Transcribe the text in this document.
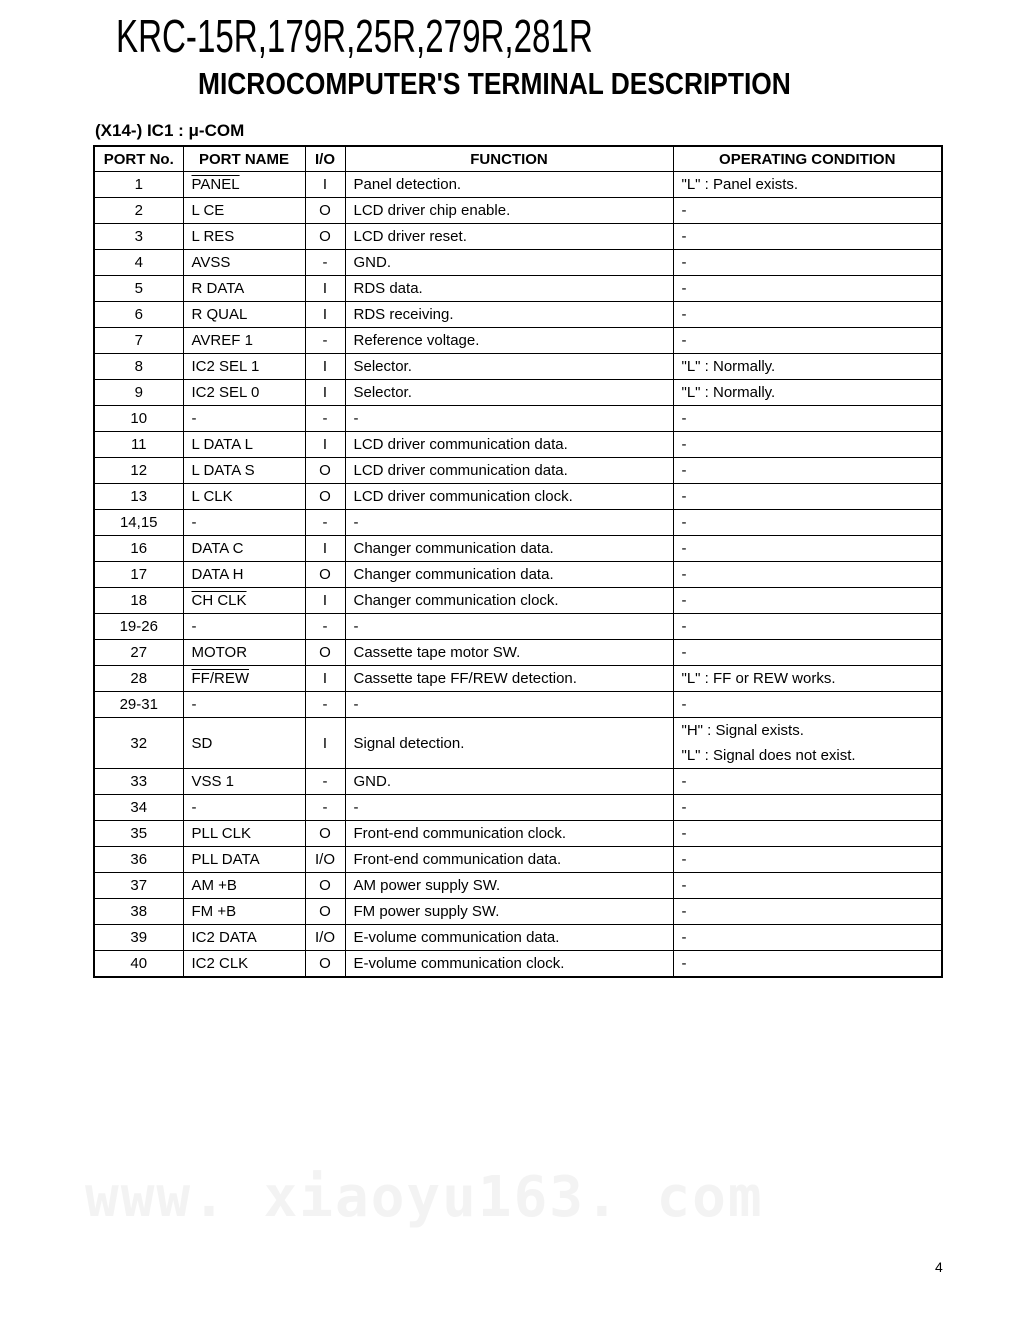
www. xiaoyu163. com
KRC-15R,179R,25R,279R,281R
MICROCOMPUTER'S TERMINAL DESCRIPTION
(X14-) IC1 : μ-COM
PORT No.	PORT NAME	I/O	FUNCTION	OPERATING CONDITION
1	PANEL	I	Panel detection.	"L" : Panel exists.

2	L CE	O	LCD driver chip enable.	-

3	L RES	O	LCD driver reset.	-

4	AVSS	-	GND.	-

5	R DATA	I	RDS data.	-

6	R QUAL	I	RDS receiving.	-

7	AVREF 1	-	Reference voltage.	-

8	IC2 SEL 1	I	Selector.	"L" : Normally.

9	IC2 SEL 0	I	Selector.	"L" : Normally.

10	-	-	-	-

11	L DATA L	I	LCD driver communication data.	-

12	L DATA S	O	LCD driver communication data.	-

13	L CLK	O	LCD driver communication clock.	-

14,15	-	-	-	-

16	DATA C	I	Changer communication data.	-

17	DATA H	O	Changer communication data.	-

18	CH CLK	I	Changer communication clock.	-

19-26	-	-	-	-

27	MOTOR	O	Cassette tape motor SW.	-

28	FF/REW	I	Cassette tape FF/REW detection.	"L" : FF or REW works.

29-31	-	-	-	-

32	SD	I	Signal detection.	"H" : Signal exists.
"L" : Signal does not exist.

33	VSS 1	-	GND.	-

34	-	-	-	-

35	PLL CLK	O	Front-end communication clock.	-

36	PLL DATA	I/O	Front-end communication data.	-

37	AM +B	O	AM power supply SW.	-

38	FM +B	O	FM power supply SW.	-

39	IC2 DATA	I/O	E-volume communication data.	-

40	IC2 CLK	O	E-volume communication clock.	-
4
